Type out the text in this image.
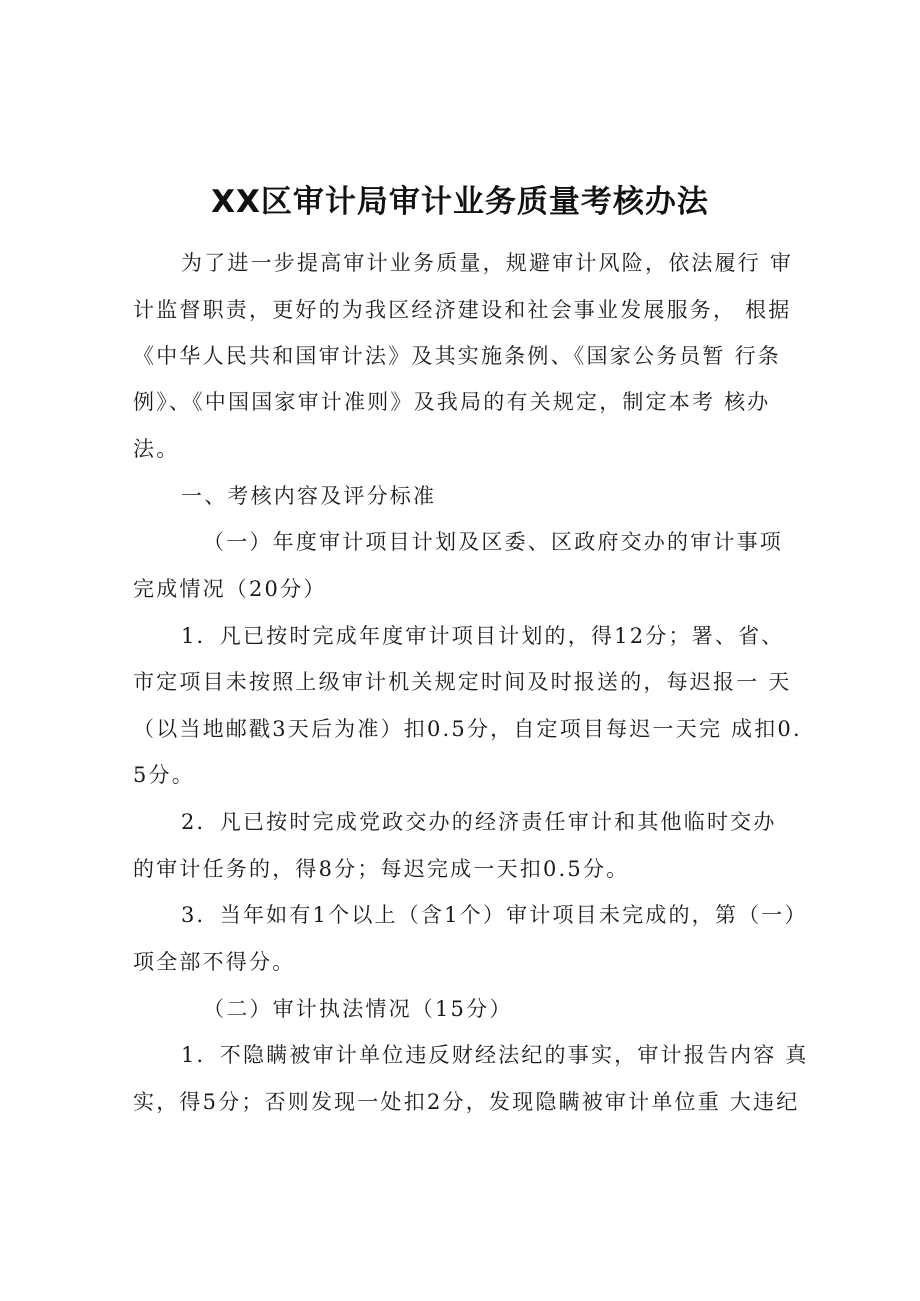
XX区审计局审计业务质量考核办法
为了进一步提高审计业务质量，规避审计风险，依法履行 审
计监督职责，更好的为我区经济建设和社会事业发展服务， 根据
《中华人民共和国审计法》及其实施条例、《国家公务员暂 行条
例》、《中国国家审计准则》及我局的有关规定，制定本考 核办
法。
一、考核内容及评分标准
（一）年度审计项目计划及区委、区政府交办的审计事项
完成情况（20分）
1．凡已按时完成年度审计项目计划的，得12分；署、省、
市定项目未按照上级审计机关规定时间及时报送的，每迟报一 天
（以当地邮戳3天后为准）扣0.5分，自定项目每迟一天完 成扣0.
5分。
2．凡已按时完成党政交办的经济责任审计和其他临时交办
的审计任务的，得8分；每迟完成一天扣0.5分。
3．当年如有1个以上（含1个）审计项目未完成的，第（一）
项全部不得分。
（二）审计执法情况（15分）
1．不隐瞒被审计单位违反财经法纪的事实，审计报告内容 真
实，得5分；否则发现一处扣2分，发现隐瞒被审计单位重 大违纪
